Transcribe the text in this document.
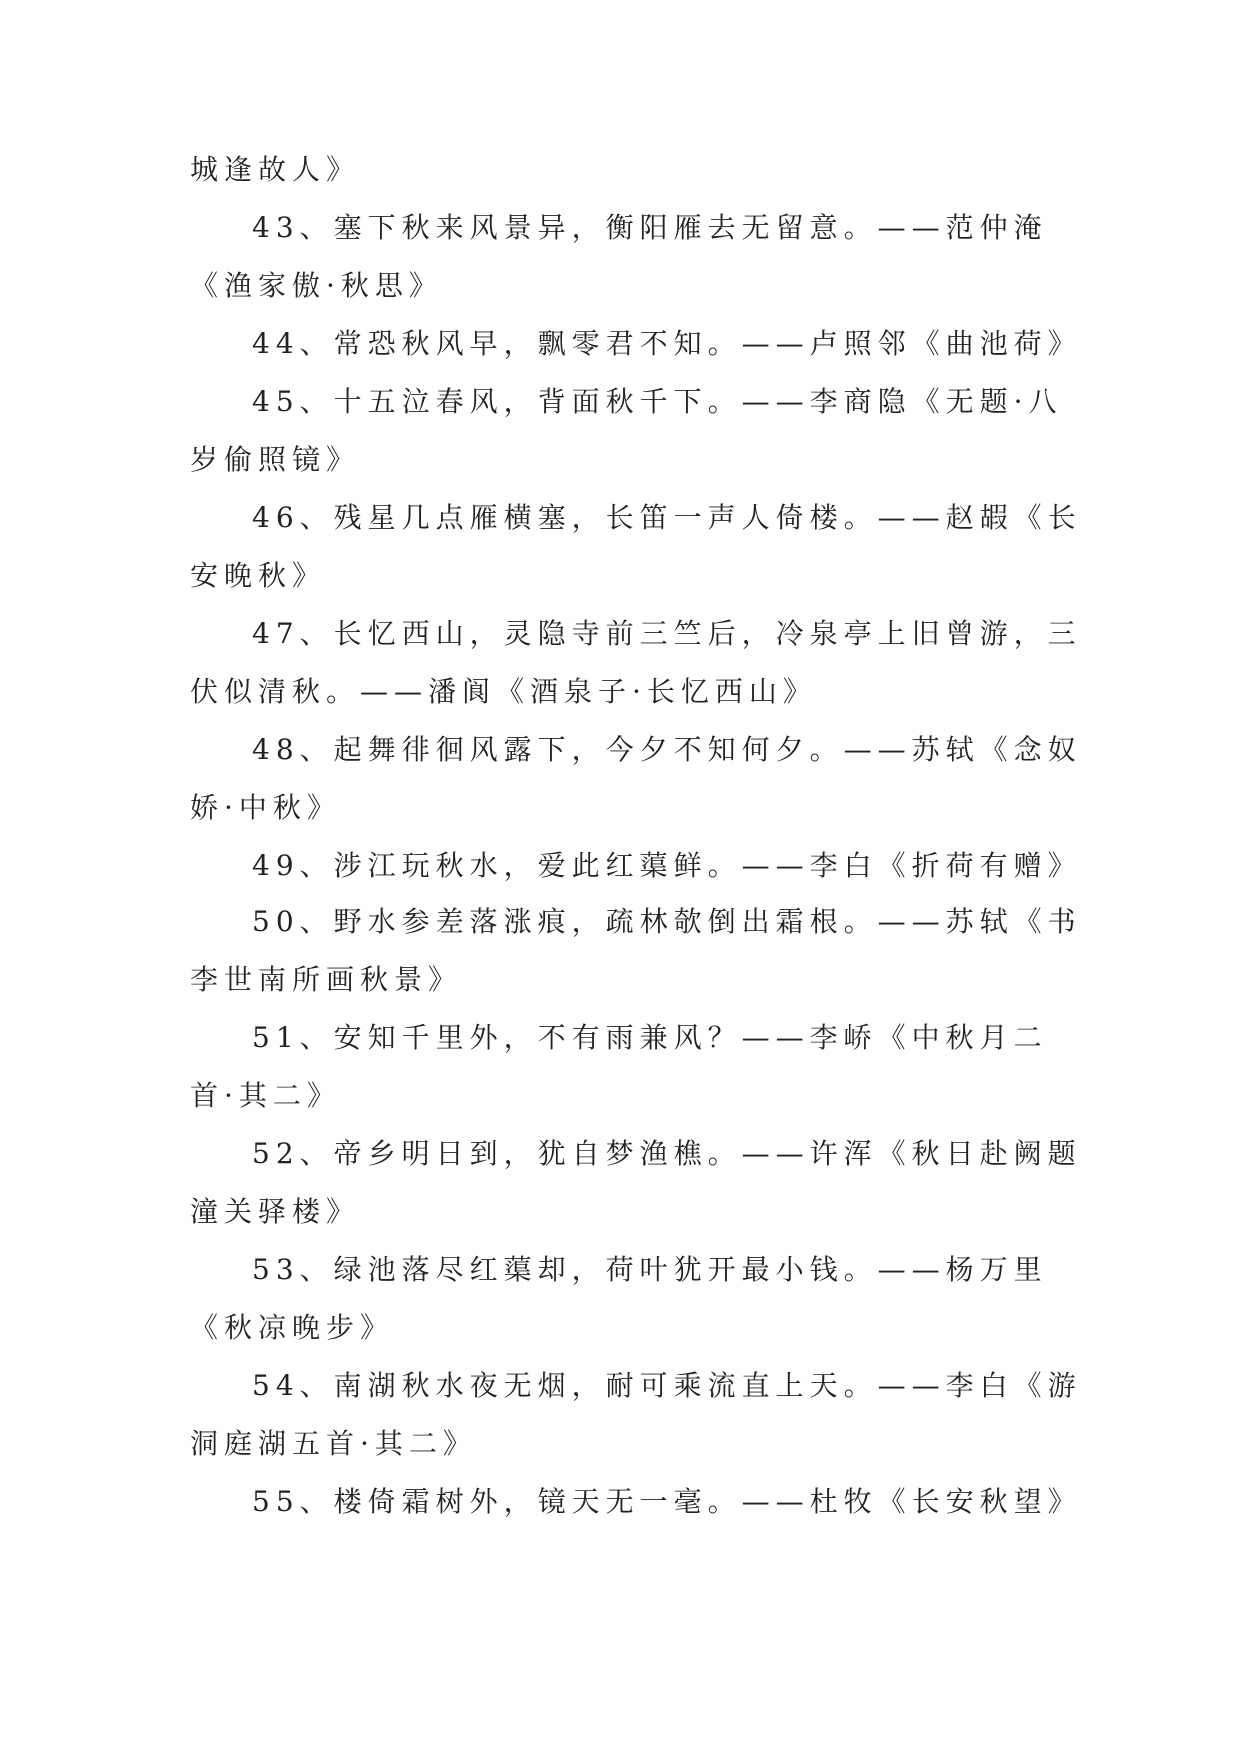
城逢故人》
43、塞下秋来风景异，衡阳雁去无留意。——范仲淹
《渔家傲·秋思》
44、常恐秋风早，飘零君不知。——卢照邻《曲池荷》
45、十五泣春风，背面秋千下。——李商隐《无题·八
岁偷照镜》
46、残星几点雁横塞，长笛一声人倚楼。——赵嘏《长
安晚秋》
47、长忆西山，灵隐寺前三竺后，冷泉亭上旧曾游，三
伏似清秋。——潘阆《酒泉子·长忆西山》
48、起舞徘徊风露下，今夕不知何夕。——苏轼《念奴
娇·中秋》
49、涉江玩秋水，爱此红蕖鲜。——李白《折荷有赠》
50、野水参差落涨痕，疏林欹倒出霜根。——苏轼《书
李世南所画秋景》
51、安知千里外，不有雨兼风？——李峤《中秋月二
首·其二》
52、帝乡明日到，犹自梦渔樵。——许浑《秋日赴阙题
潼关驿楼》
53、绿池落尽红蕖却，荷叶犹开最小钱。——杨万里
《秋凉晚步》
54、南湖秋水夜无烟，耐可乘流直上天。——李白《游
洞庭湖五首·其二》
55、楼倚霜树外，镜天无一毫。——杜牧《长安秋望》
